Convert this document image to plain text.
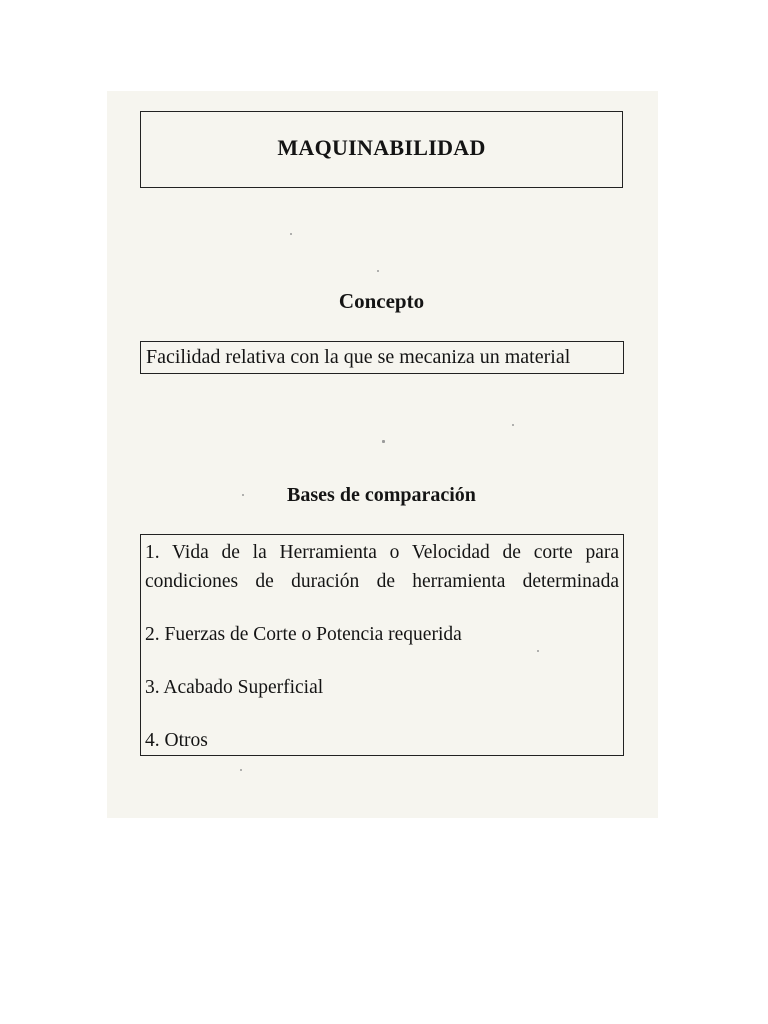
MAQUINABILIDAD
Concepto
Facilidad relativa con la que se mecaniza un material
Bases de comparación

1. Vida de la Herramienta o Velocidad de corte para condiciones de duración de herramienta determinada

2. Fuerzas de Corte o Potencia requerida

3. Acabado Superficial

4. Otros
